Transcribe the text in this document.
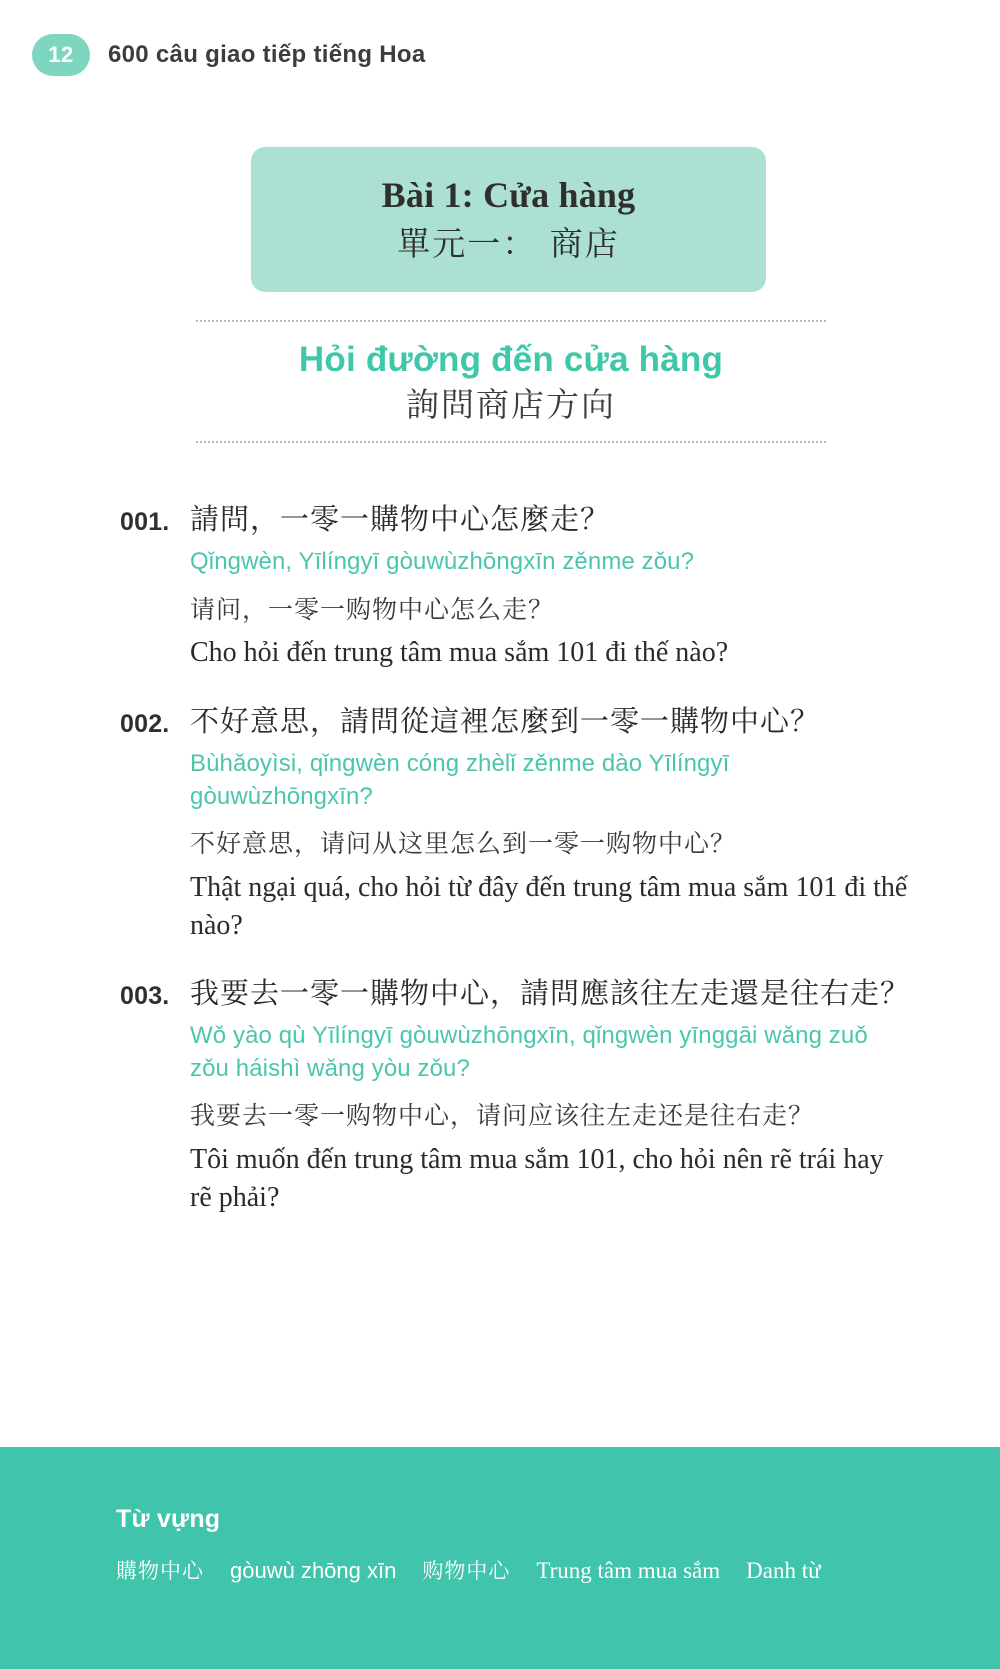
12	600 câu giao tiếp tiếng Hoa
Bài 1: Cửa hàng
單元一： 商店
Hỏi đường đến cửa hàng
詢問商店方向
001. 請問，一零一購物中心怎麼走？
Qǐngwèn, Yīlíngyī gòuwùzhōngxīn zěnme zǒu?
请问，一零一购物中心怎么走？
Cho hỏi đến trung tâm mua sắm 101 đi thế nào?
002. 不好意思，請問從這裡怎麼到一零一購物中心？
Bùhǎoyìsi, qǐngwèn cóng zhèlǐ zěnme dào Yīlíngyī gòuwùzhōngxīn?
不好意思，请问从这里怎么到一零一购物中心？
Thật ngại quá, cho hỏi từ đây đến trung tâm mua sắm 101 đi thế nào?
003. 我要去一零一購物中心，請問應該往左走還是往右走？
Wǒ yào qù Yīlíngyī gòuwùzhōngxīn, qǐngwèn yīnggāi wǎng zuǒ zǒu háishì wǎng yòu zǒu?
我要去一零一购物中心，请问应该往左走还是往右走？
Tôi muốn đến trung tâm mua sắm 101, cho hỏi nên rẽ trái hay rẽ phải?
Từ vựng
購物中心 gòuwù zhōng xīn 购物中心 Trung tâm mua sắm Danh từ
